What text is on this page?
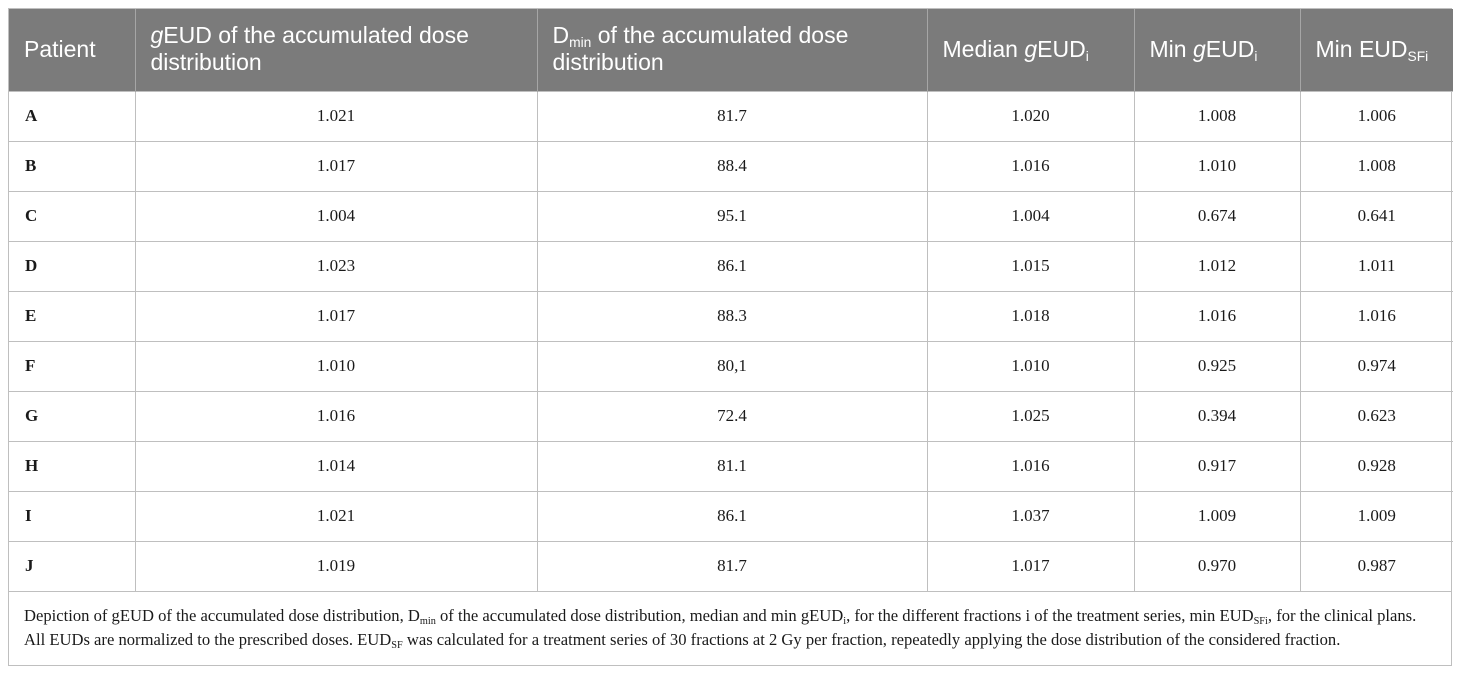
Patient	gEUD of the accumulated dose distribution	$D_{min}$ of the accumulated dose distribution	Median gEUD$_i$	Min gEUD$_i$	Min $EUD_{SFi}$
A	1.021	81.7	1.020	1.008	1.006
B	1.017	88.4	1.016	1.010	1.008
C	1.004	95.1	1.004	0.674	0.641
D	1.023	86.1	1.015	1.012	1.011
E	1.017	88.3	1.018	1.016	1.016
F	1.010	80,1	1.010	0.925	0.974
G	1.016	72.4	1.025	0.394	0.623
H	1.014	81.1	1.016	0.917	0.928
I	1.021	86.1	1.037	1.009	1.009
J	1.019	81.7	1.017	0.970	0.987
Depiction of gEUD of the accumulated dose distribution, $D_{min}$ of the accumulated dose distribution, median and min gEUD$_i$, for the different fractions i of the treatment series, $\min EUD_{SFi}$, for the clinical plans. All EUDs are normalized to the prescribed doses. $EUD_{SF}$ was calculated for a treatment series of 30 fractions at 2 Gy per fraction, repeatedly applying the dose distribution of the considered fraction.
